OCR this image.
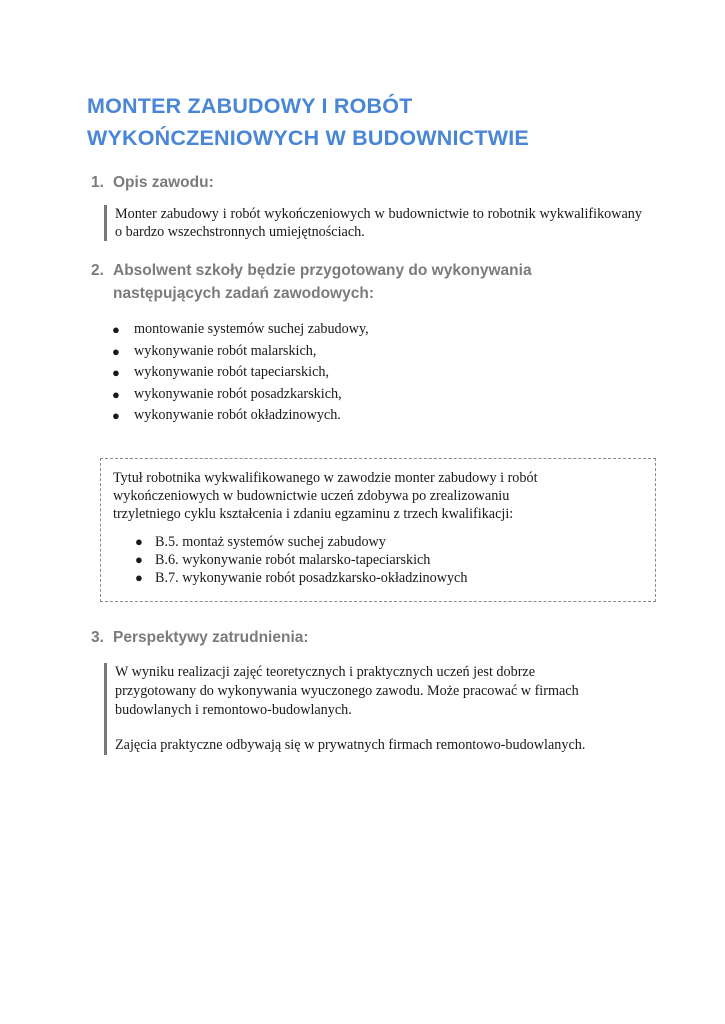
MONTER ZABUDOWY I ROBÓT
WYKOŃCZENIOWYCH W BUDOWNICTWIE
1. Opis zawodu:

Monter zabudowy i robót wykończeniowych w budownictwie to robotnik wykwalifikowany o bardzo wszechstronnych umiejętnościach.

2. Absolwent szkoły będzie przygotowany do wykonywania
następujących zadań zawodowych:
● montowanie systemów suchej zabudowy,
● wykonywanie robót malarskich,
● wykonywanie robót tapeciarskich,
● wykonywanie robót posadzkarskich,
● wykonywanie robót okładzinowych.

Tytuł robotnika wykwalifikowanego w zawodzie monter zabudowy i robót

wykończeniowych w budownictwie uczeń zdobywa po zrealizowaniu

trzyletniego cyklu kształcenia i zdaniu egzaminu z trzech kwalifikacji:

● B.5. montaż systemów suchej zabudowy
● B.6. wykonywanie robót malarsko-tapeciarskich
● B.7. wykonywanie robót posadzkarsko-okładzinowych
3. Perspektywy zatrudnienia:

W wyniku realizacji zajęć teoretycznych i praktycznych uczeń jest dobrze

przygotowany do wykonywania wyuczonego zawodu. Może pracować w firmach

budowlanych i remontowo-budowlanych.

Zajęcia praktyczne odbywają się w prywatnych firmach remontowo-budowlanych.
